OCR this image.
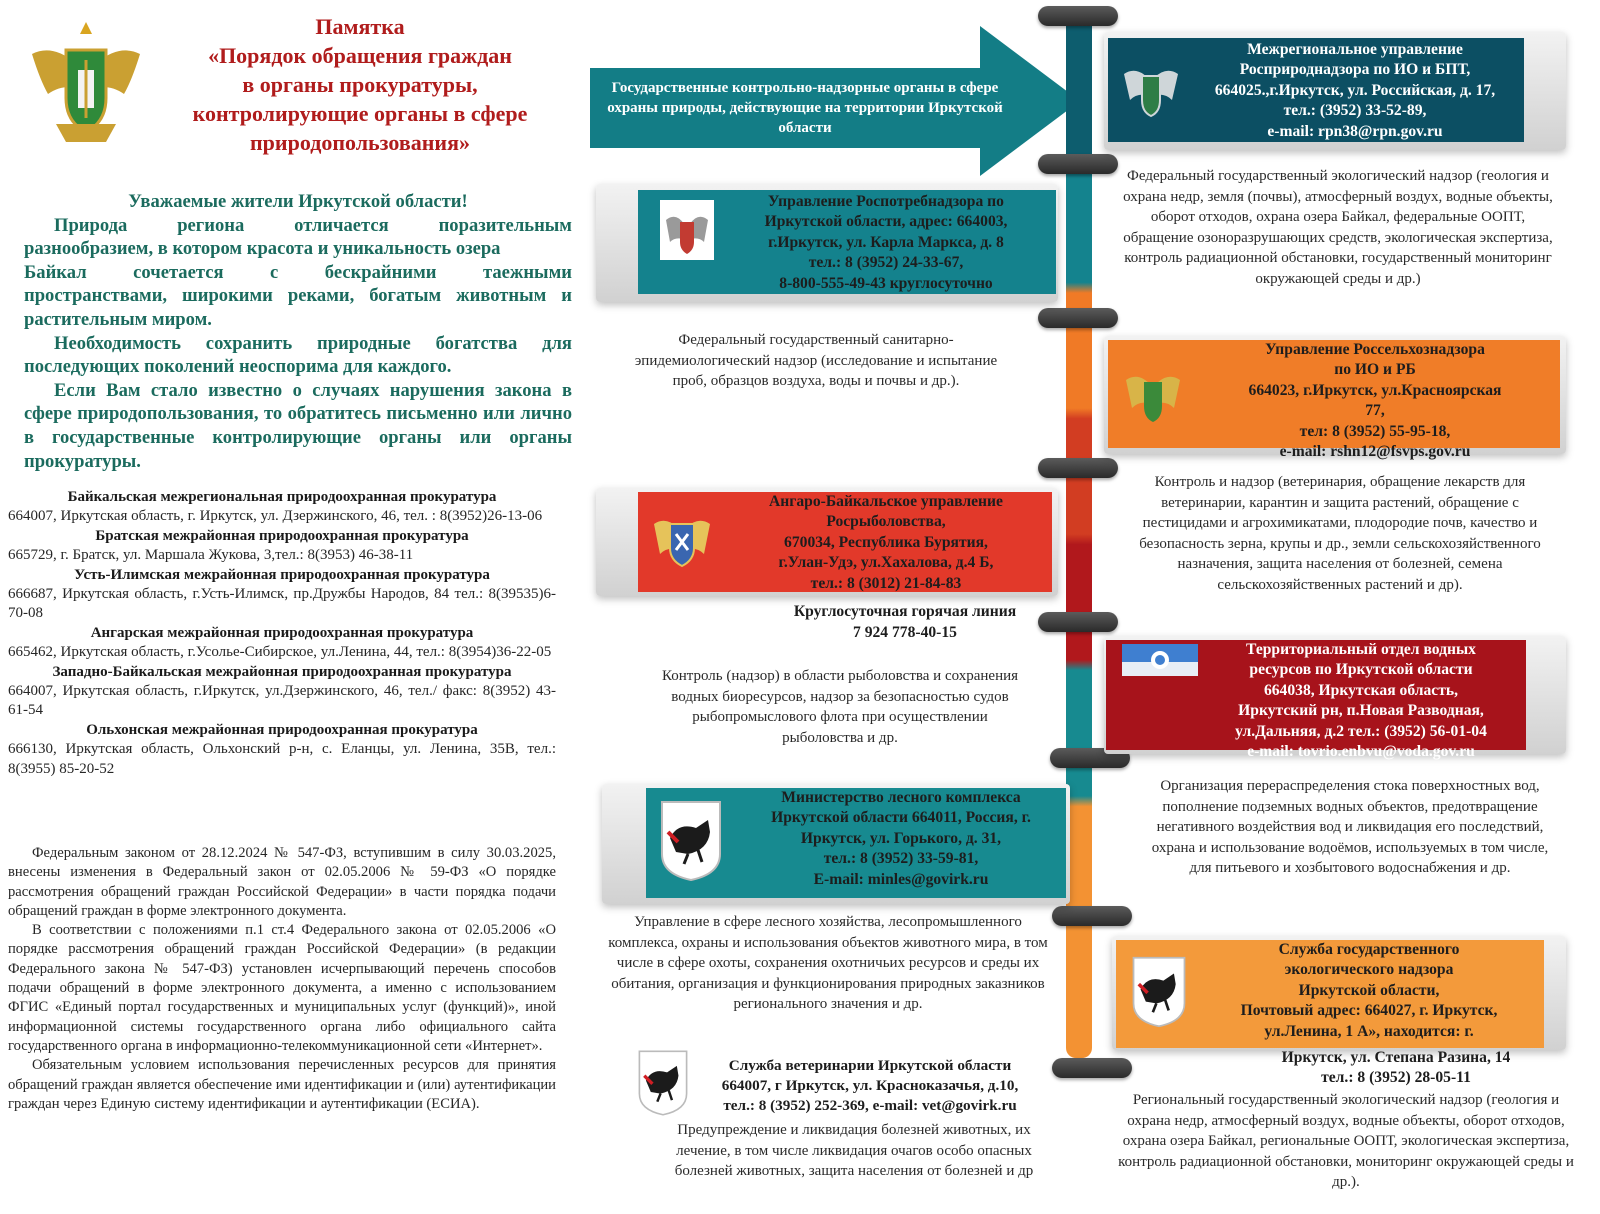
Памятка
«Порядок обращения граждан
в органы прокуратуры,
контролирующие органы в сфере
природопользования»
Уважаемые жители Иркутской области!
Природа	региона	отличается	поразительным
разнообразием, в котором красота и уникальность озера
Байкал	сочетается	с	бескрайними	таежными

пространствами, широкими реками, богатым животным и растительным миром.

Необходимость сохранить природные богатства для последующих поколений неоспорима для каждого.

Если Вам стало известно о случаях нарушения закона в сфере природопользования, то обратитесь письменно или лично в государственные контролирующие органы или органы прокуратуры.

Байкальская межрегиональная природоохранная прокуратура
664007, Иркутская область, г. Иркутск, ул. Дзержинского, 46, тел. : 8(3952)26-13-06
Братская межрайонная природоохранная прокуратура
665729, г. Братск, ул. Маршала Жукова, 3,тел.: 8(3953) 46-38-11
Усть-Илимская межрайонная природоохранная прокуратура
666687, Иркутская область, г.Усть-Илимск, пр.Дружбы Народов, 84 тел.: 8(39535)6-70-08
Ангарская межрайонная природоохранная прокуратура
665462, Иркутская область, г.Усолье-Сибирское, ул.Ленина, 44, тел.: 8(3954)36-22-05
Западно-Байкальская межрайонная природоохранная прокуратура
664007, Иркутская область, г.Иркутск, ул.Дзержинского, 46, тел./ факс: 8(3952) 43-61-54
Ольхонская межрайонная природоохранная прокуратура
666130, Иркутская область, Ольхонский р-н, с. Еланцы, ул. Ленина, 35В, тел.: 8(3955) 85-20-52

Федеральным законом от 28.12.2024 № 547-ФЗ, вступившим в силу 30.03.2025, внесены изменения в Федеральный закон от 02.05.2006 № 59-ФЗ «О порядке рассмотрения обращений граждан Российской Федерации» в части порядка подачи обращений граждан в форме электронного документа.

В соответствии с положениями п.1 ст.4 Федерального закона от 02.05.2006 «О порядке рассмотрения обращений граждан Российской Федерации» (в редакции Федерального закона № 547-ФЗ) установлен исчерпывающий перечень способов подачи обращений в форме электронного документа, а именно с использованием ФГИС «Единый портал государственных и муниципальных услуг (функций)», иной информационной системы государственного органа либо официального сайта государственного органа в информационно-телекоммуникационной сети «Интернет».

Обязательным условием использования перечисленных ресурсов для принятия обращений граждан является обеспечение ими идентификации и (или) аутентификации граждан через Единую систему идентификации и аутентификации (ЕСИА).

Государственные контрольно-надзорные органы в сфере охраны природы, действующие на территории Иркутской области
Межрегиональное управление
Росприроднадзора по ИО и БПТ,
664025.,г.Иркутск, ул. Российская, д. 17,
тел.: (3952) 33-52-89,
e-mail: rpn38@rpn.gov.ru
Федеральный государственный экологический надзор (геология и охрана недр, земля (почвы), атмосферный воздух, водные объекты, оборот отходов, охрана озера Байкал, федеральные ООПТ, обращение озоноразрушающих средств, экологическая экспертиза, контроль радиационной обстановки, государственный мониторинг окружающей среды и др.)
Управление Роспотребнадзора по
Иркутской области, адрес: 664003,
г.Иркутск, ул. Карла Маркса, д. 8
тел.: 8 (3952) 24-33-67,
8-800-555-49-43 круглосуточно
Федеральный государственный санитарно-эпидемиологический надзор (исследование и испытание проб, образцов воздуха, воды и почвы и др.).
Управление Россельхознадзора
по ИО и РБ
664023, г.Иркутск, ул.Красноярская
77,
тел: 8 (3952) 55-95-18,
e-mail: rshn12@fsvps.gov.ru
Контроль и надзор (ветеринария, обращение лекарств для ветеринарии, карантин и защита растений, обращение с пестицидами и агрохимикатами, плодородие почв, качество и безопасность зерна, крупы и др., земли сельскохозяйственного назначения, защита населения от болезней, семена сельскохозяйственных растений и др).
Ангаро-Байкальское управление
Росрыболовства,
670034, Республика Бурятия,
г.Улан-Удэ, ул.Хахалова, д.4 Б,
тел.: 8 (3012) 21-84-83
Круглосуточная горячая линия
7 924 778-40-15
Контроль (надзор) в области рыболовства и сохранения водных биоресурсов, надзор за безопасностью судов рыбопромыслового флота при осуществлении рыболовства и др.
Территориальный отдел водных
ресурсов по Иркутской области
664038, Иркутская область,
Иркутский рн, п.Новая Разводная,
ул.Дальняя, д.2 тел.: (3952) 56-01-04
e-mail: tovrio.enbvu@voda.gov.ru
Организация перераспределения стока поверхностных вод, пополнение подземных водных объектов, предотвращение негативного воздействия вод и ликвидация его последствий, охрана и использование водоёмов, используемых в том числе, для питьевого и хозбытового водоснабжения и др.
Министерство лесного комплекса
Иркутской области 664011, Россия, г.
Иркутск, ул. Горького, д. 31,
тел.: 8 (3952) 33-59-81,
E-mail: minles@govirk.ru
Управление в сфере лесного хозяйства, лесопромышленного комплекса, охраны и использования объектов животного мира, в том числе в сфере охоты, сохранения охотничьих ресурсов и среды их обитания, организация и функционирования природных заказников регионального значения и др.
Служба государственного
экологического надзора
Иркутской области,
Почтовый адрес: 664027, г. Иркутск,
ул.Ленина, 1 А», находится: г.
Иркутск, ул. Степана Разина, 14
тел.: 8 (3952) 28-05-11
Региональный государственный экологический надзор (геология и охрана недр, атмосферный воздух, водные объекты, оборот отходов, охрана озера Байкал, региональные ООПТ, экологическая экспертиза, контроль радиационной обстановки, мониторинг окружающей среды и др.).
Служба ветеринарии Иркутской области
664007, г Иркутск, ул. Красноказачья, д.10,
тел.: 8 (3952) 252-369, e-mail: vet@govirk.ru
Предупреждение и ликвидация болезней животных, их лечение, в том числе ликвидация очагов особо опасных болезней животных, защита населения от болезней и др
